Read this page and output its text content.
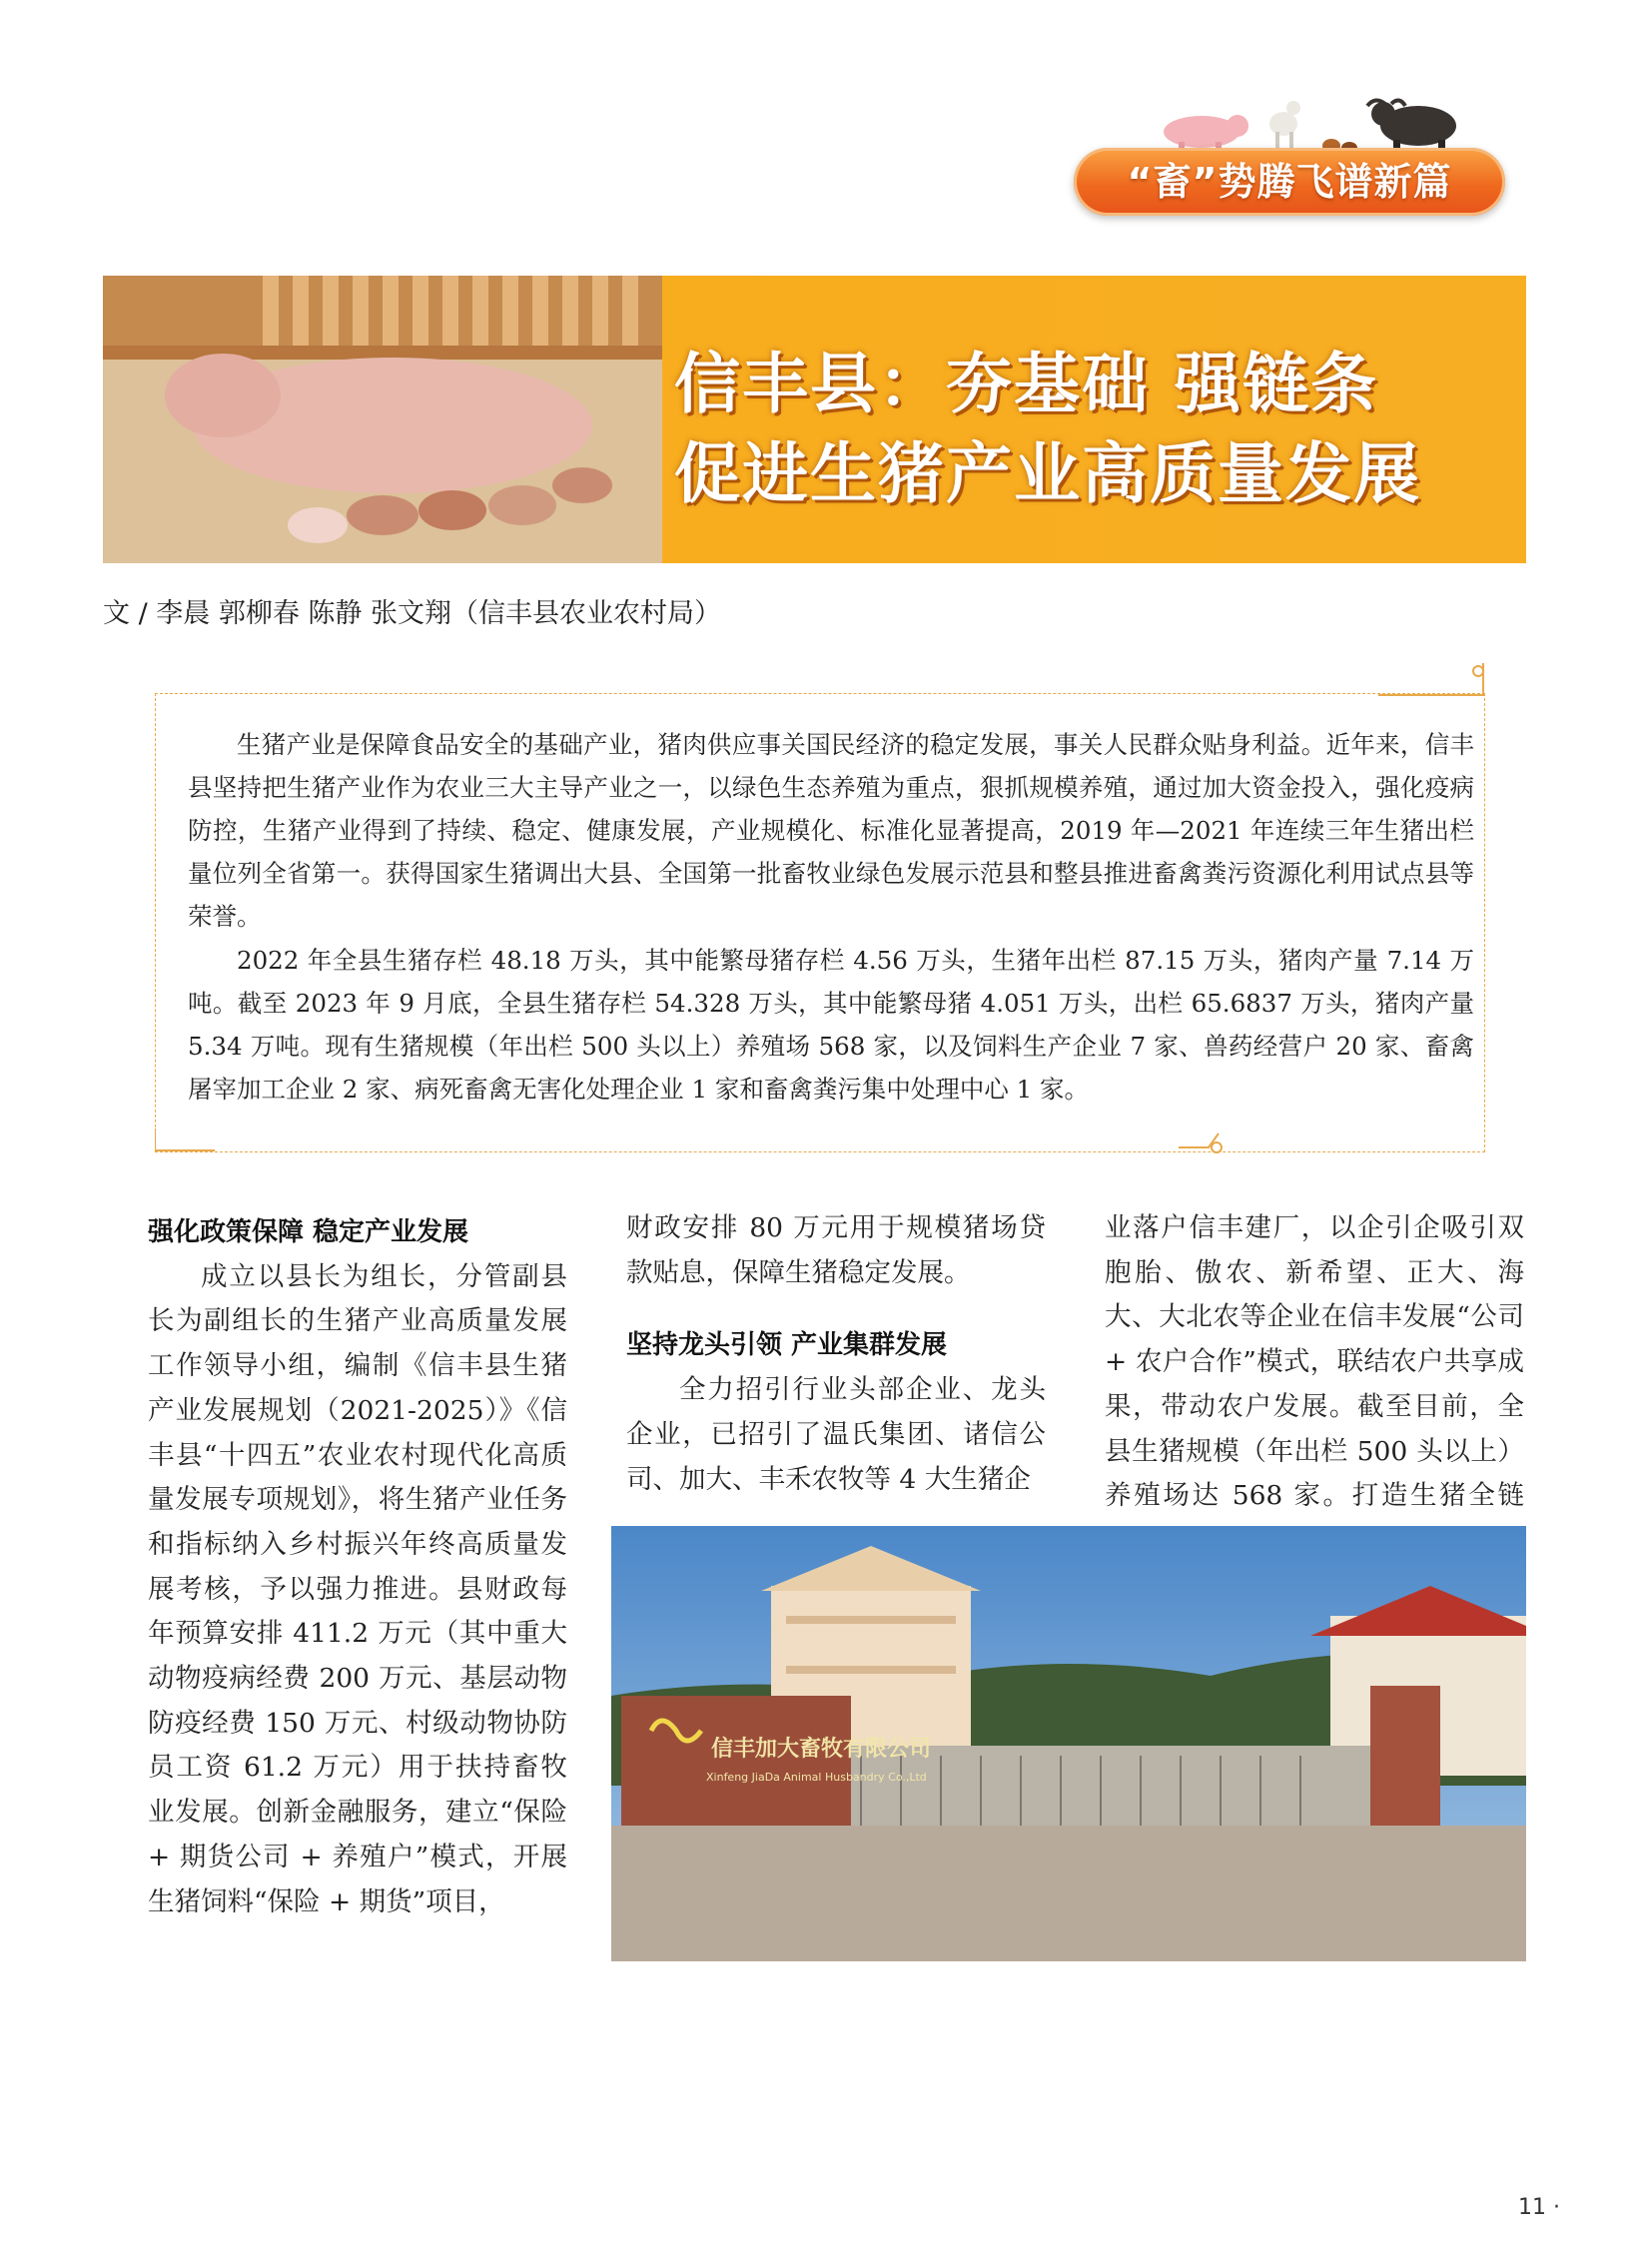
“畜”势腾飞谱新篇
信丰县：夯基础 强链条
促进生猪产业高质量发展
文 / 李晨 郭柳春 陈静 张文翔（信丰县农业农村局）
生猪产业是保障食品安全的基础产业，猪肉供应事关国民经济的稳定发展，事关人民群众贴身利益。近年来，信丰县坚持把生猪产业作为农业三大主导产业之一，以绿色生态养殖为重点，狠抓规模养殖，通过加大资金投入，强化疫病防控，生猪产业得到了持续、稳定、健康发展，产业规模化、标准化显著提高，2019 年—2021 年连续三年生猪出栏量位列全省第一。获得国家生猪调出大县、全国第一批畜牧业绿色发展示范县和整县推进畜禽粪污资源化利用试点县等荣誉。
2022 年全县生猪存栏 48.18 万头，其中能繁母猪存栏 4.56 万头，生猪年出栏 87.15 万头，猪肉产量 7.14 万吨。截至 2023 年 9 月底，全县生猪存栏 54.328 万头，其中能繁母猪 4.051 万头，出栏 65.6837 万头，猪肉产量 5.34 万吨。现有生猪规模（年出栏 500 头以上）养殖场 568 家，以及饲料生产企业 7 家、兽药经营户 20 家、畜禽屠宰加工企业 2 家、病死畜禽无害化处理企业 1 家和畜禽粪污集中处理中心 1 家。
强化政策保障 稳定产业发展

成立以县长为组长，分管副县长为副组长的生猪产业高质量发展工作领导小组，编制《信丰县生猪产业发展规划（2021-2025）》《信丰县“十四五”农业农村现代化高质量发展专项规划》，将生猪产业任务和指标纳入乡村振兴年终高质量发展考核，予以强力推进。县财政每年预算安排 411.2 万元（其中重大动物疫病经费 200 万元、基层动物防疫经费 150 万元、村级动物协防员工资 61.2 万元）用于扶持畜牧业发展。创新金融服务，建立“保险 + 期货公司 + 养殖户”模式，开展生猪饲料“保险 + 期货”项目，

财政安排 80 万元用于规模猪场贷款贴息，保障生猪稳定发展。

坚持龙头引领 产业集群发展

全力招引行业头部企业、龙头企业，已招引了温氏集团、诸信公司、加大、丰禾农牧等 4 大生猪企

业落户信丰建厂，以企引企吸引双胞胎、傲农、新希望、正大、海大、大北农等企业在信丰发展“公司 + 农户合作”模式，联结农户共享成果，带动农户发展。截至目前，全县生猪规模（年出栏 500 头以上）养殖场达 568 家。打造生猪全链

信丰加大畜牧有限公司
Xinfeng JiaDa Animal Husbandry Co.,Ltd
11 ·
